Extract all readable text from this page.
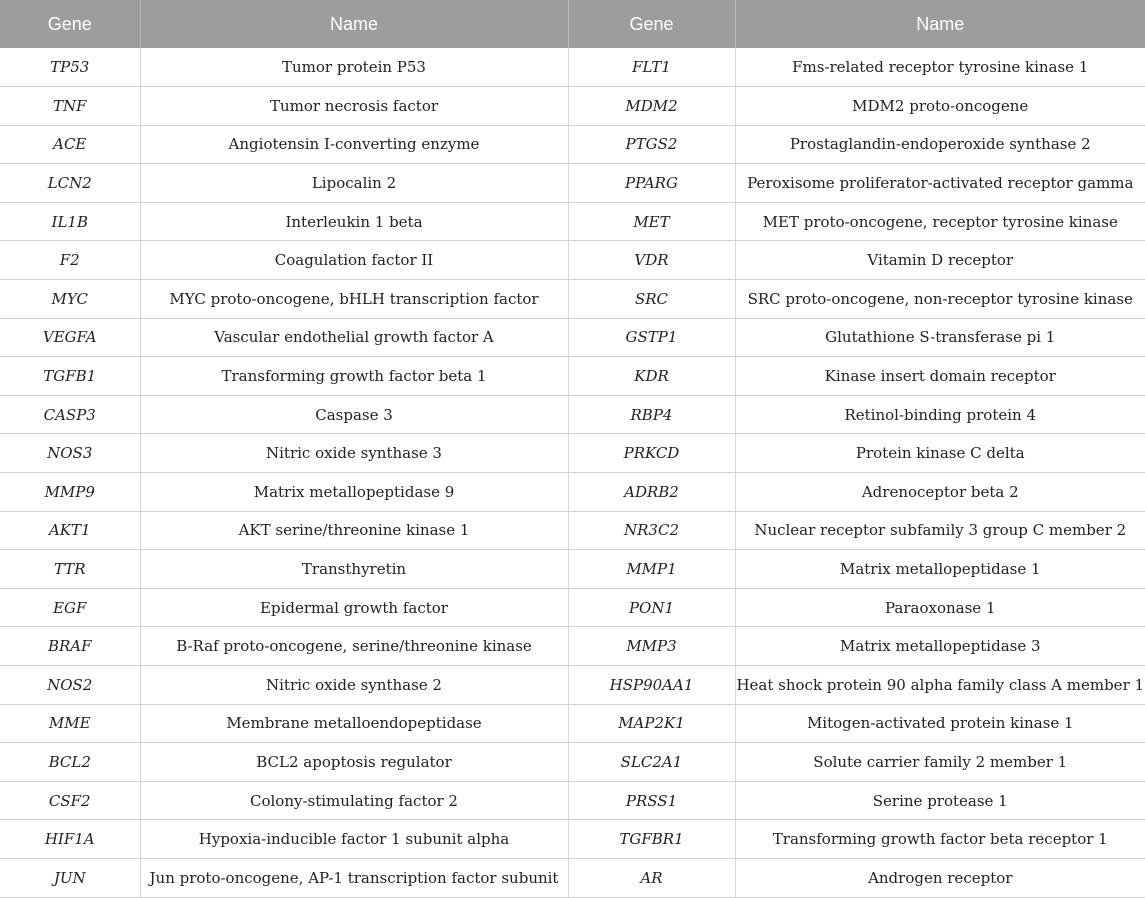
Gene	Name	Gene	Name
TP53	Tumor protein P53	FLT1	Fms-related receptor tyrosine kinase 1
TNF	Tumor necrosis factor	MDM2	MDM2 proto-oncogene
ACE	Angiotensin I-converting enzyme	PTGS2	Prostaglandin-endoperoxide synthase 2
LCN2	Lipocalin 2	PPARG	Peroxisome proliferator-activated receptor gamma
IL1B	Interleukin 1 beta	MET	MET proto-oncogene, receptor tyrosine kinase
F2	Coagulation factor II	VDR	Vitamin D receptor
MYC	MYC proto-oncogene, bHLH transcription factor	SRC	SRC proto-oncogene, non-receptor tyrosine kinase
VEGFA	Vascular endothelial growth factor A	GSTP1	Glutathione S-transferase pi 1
TGFB1	Transforming growth factor beta 1	KDR	Kinase insert domain receptor
CASP3	Caspase 3	RBP4	Retinol-binding protein 4
NOS3	Nitric oxide synthase 3	PRKCD	Protein kinase C delta
MMP9	Matrix metallopeptidase 9	ADRB2	Adrenoceptor beta 2
AKT1	AKT serine/threonine kinase 1	NR3C2	Nuclear receptor subfamily 3 group C member 2
TTR	Transthyretin	MMP1	Matrix metallopeptidase 1
EGF	Epidermal growth factor	PON1	Paraoxonase 1
BRAF	B-Raf proto-oncogene, serine/threonine kinase	MMP3	Matrix metallopeptidase 3
NOS2	Nitric oxide synthase 2	HSP90AA1	Heat shock protein 90 alpha family class A member 1
MME	Membrane metalloendopeptidase	MAP2K1	Mitogen-activated protein kinase 1
BCL2	BCL2 apoptosis regulator	SLC2A1	Solute carrier family 2 member 1
CSF2	Colony-stimulating factor 2	PRSS1	Serine protease 1
HIF1A	Hypoxia-inducible factor 1 subunit alpha	TGFBR1	Transforming growth factor beta receptor 1
JUN	Jun proto-oncogene, AP-1 transcription factor subunit	AR	Androgen receptor
